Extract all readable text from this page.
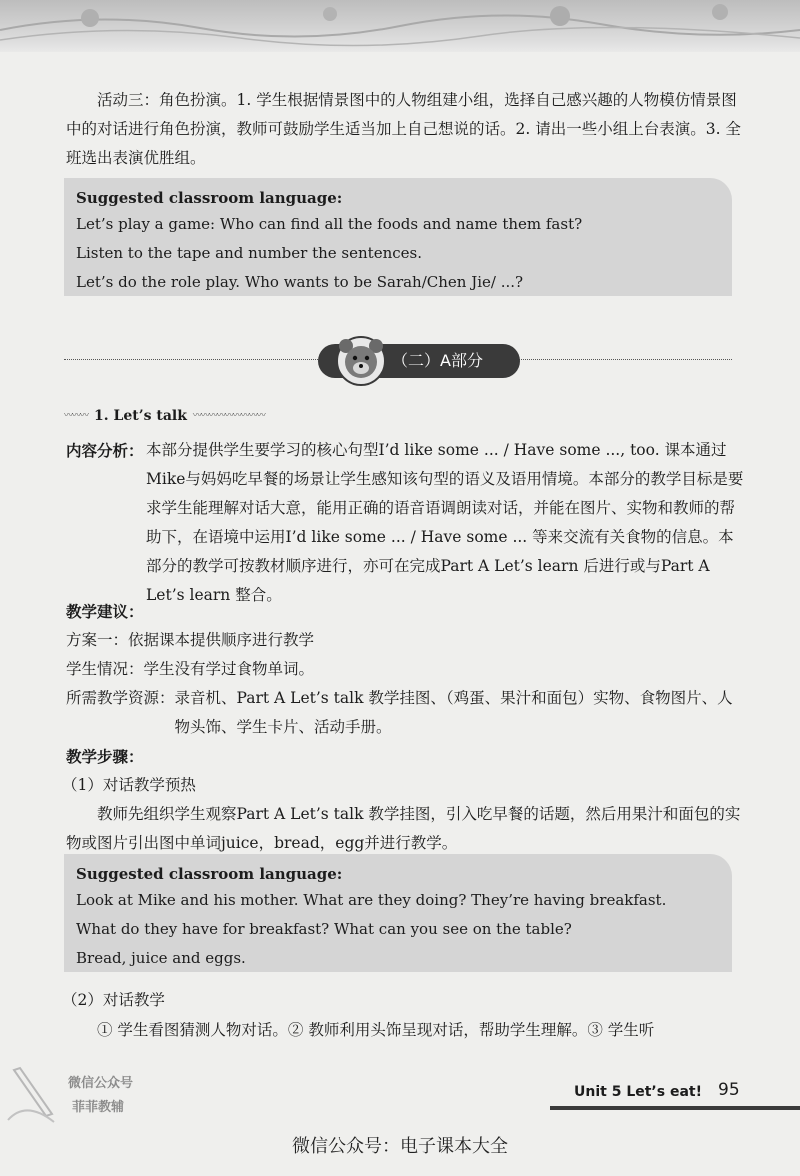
活动三：角色扮演。1. 学生根据情景图中的人物组建小组，选择自己感兴趣的人物模仿情景图中的对话进行角色扮演，教师可鼓励学生适当加上自己想说的话。2. 请出一些小组上台表演。3. 全班选出表演优胜组。

Suggested classroom language:
Let’s play a game: Who can find all the foods and name them fast?
Listen to the tape and number the sentences.
Let’s do the role play. Who wants to be Sarah/Chen Jie/ ...?
（二）A部分
〰〰〰 1. Let’s talk 〰〰〰〰〰〰〰〰〰
内容分析： 本部分提供学生要学习的核心句型I’d like some ... / Have some ..., too. 课本通过Mike与妈妈吃早餐的场景让学生感知该句型的语义及语用情境。本部分的教学目标是要求学生能理解对话大意，能用正确的语音语调朗读对话，并能在图片、实物和教师的帮助下，在语境中运用I’d like some ... / Have some ... 等来交流有关食物的信息。本部分的教学可按教材顺序进行，亦可在完成Part A Let’s learn 后进行或与Part A Let’s learn 整合。
教学建议：
方案一：依据课本提供顺序进行教学
学生情况：学生没有学过食物单词。
所需教学资源： 录音机、Part A Let’s talk 教学挂图、（鸡蛋、果汁和面包）实物、食物图片、人物头饰、学生卡片、活动手册。
教学步骤：
（1）对话教学预热

教师先组织学生观察Part A Let’s talk 教学挂图，引入吃早餐的话题，然后用果汁和面包的实物或图片引出图中单词juice，bread，egg并进行教学。

Suggested classroom language:
Look at Mike and his mother. What are they doing? They’re having breakfast.
What do they have for breakfast? What can you see on the table?
Bread, juice and eggs.
（2）对话教学

① 学生看图猜测人物对话。② 教师利用头饰呈现对话，帮助学生理解。③ 学生听

微信公众号
菲菲教辅
Unit 5 Let’s eat! 95
微信公众号：电子课本大全
